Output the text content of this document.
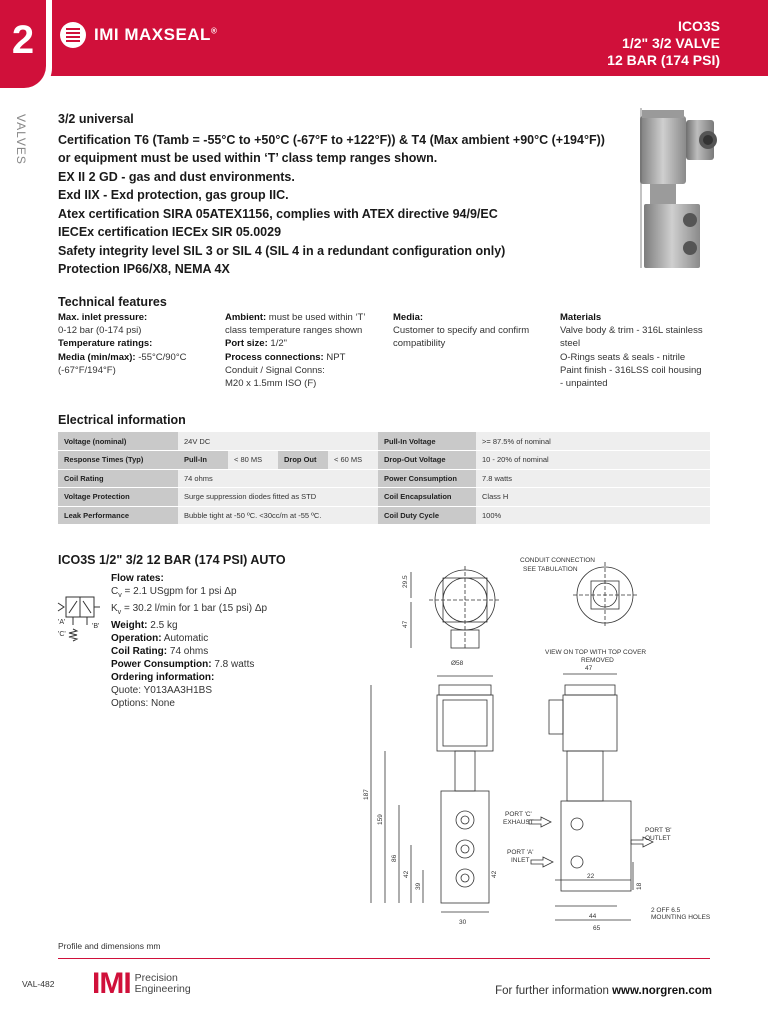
2	IMI MAXSEAL®	ICO3S
1/2" 3/2 VALVE
12 BAR (174 PSI)
VALVES 3/2 universal

Certification T6 (Tamb = -55°C to +50°C (-67°F to +122°F)) & T4 (Max ambient +90°C (+194°F)) or equipment must be used within ‘T’ class temp ranges shown.

EX II 2 GD - gas and dust environments.

Exd IIX - Exd protection, gas group IIC.

Atex certification SIRA 05ATEX1156, complies with ATEX directive 94/9/EC

IECEx certification IECEx SIR 05.0029

Safety integrity level SIL 3 or SIL 4 (SIL 4 in a redundant configuration only)

Protection IP66/X8, NEMA 4X

Technical features
Max. inlet pressure:
0-12 bar (0-174 psi)
Temperature ratings:
Media (min/max): -55°C/90°C
(-67°F/194°F)
Ambient: must be used within ‘T’
class temperature ranges shown
Port size: 1/2"
Process connections: NPT
Conduit / Signal Conns:
M20 x 1.5mm ISO (F)
Media:
Customer to specify and confirm
compatibility
Materials
Valve body & trim - 316L stainless
steel
O-Rings seats & seals - nitrile
Paint finish - 316LSS coil housing
- unpainted
Electrical information
Voltage (nominal)	24V DC				Pull-In Voltage	>= 87.5% of nominal
Response Times (Typ)	Pull-In	< 80 MS	Drop Out	< 60 MS	Drop-Out Voltage	10 - 20% of nominal
Coil Rating	74 ohms				Power Consumption	7.8 watts
Voltage Protection	Surge suppression diodes fitted as STD				Coil Encapsulation	Class H
Leak Performance	Bubble tight at -50 ºC. <30cc/m at -55 ºC.				Coil Duty Cycle	100%
ICO3S 1/2" 3/2 12 BAR (174 PSI) AUTO
'A'
'B'
'C'
Flow rates:
$C_v = 2.1$ USgpm for 1 psi Δp
$K_v = 30.2$ l/min for 1 bar (15 psi) Δp
Weight: 2.5 kg
Operation: Automatic
Coil Rating: 74 ohms
Power Consumption: 7.8 watts
Ordering information:
Quote: Y013AA3H1BS
Options: None
CONDUIT CONNECTION
SEE TABULATION
VIEW ON TOP WITH TOP COVER
REMOVED
47
29.5
47
Ø58
187
159
86
42
39
42
30
PORT 'C'
EXHAUST
PORT 'A'
INLET
PORT 'B'
OUTLET
22
44
65
18
2 OFF 6.5
MOUNTING HOLES
Profile and dimensions mm
VAL-482 IMI Precision
Engineering	For further information www.norgren.com
